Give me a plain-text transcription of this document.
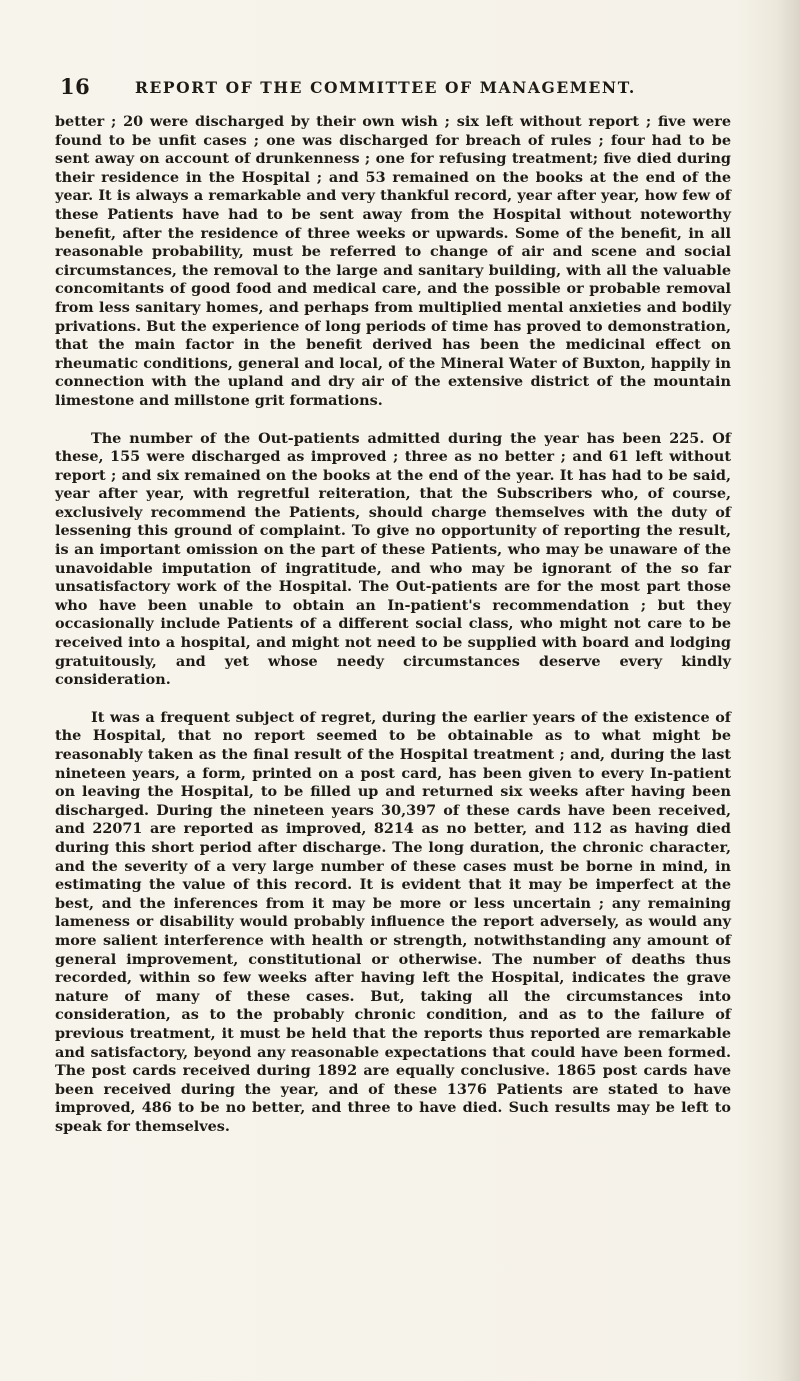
16	REPORT OF THE COMMITTEE OF MANAGEMENT.

better ; 20 were discharged by their own wish ; six left without report ; five were found to be unfit cases ; one was discharged for breach of rules ; four had to be sent away on account of drunkenness ; one for refusing treatment; five died during their residence in the Hospital ; and 53 remained on the books at the end of the year. It is always a remarkable and very thankful record, year after year, how few of these Patients have had to be sent away from the Hospital without noteworthy benefit, after the residence of three weeks or upwards. Some of the benefit, in all reasonable probability, must be referred to change of air and scene and social circumstances, the removal to the large and sanitary building, with all the valuable concomitants of good food and medical care, and the possible or probable removal from less sanitary homes, and perhaps from multiplied mental anxieties and bodily privations. But the experience of long periods of time has proved to demonstration, that the main factor in the benefit derived has been the medicinal effect on rheumatic conditions, general and local, of the Mineral Water of Buxton, happily in connection with the upland and dry air of the extensive district of the mountain limestone and millstone grit formations.

The number of the Out-patients admitted during the year has been 225. Of these, 155 were discharged as improved ; three as no better ; and 61 left without report ; and six remained on the books at the end of the year. It has had to be said, year after year, with regretful reiteration, that the Subscribers who, of course, exclusively recommend the Patients, should charge themselves with the duty of lessening this ground of complaint. To give no opportunity of reporting the result, is an important omission on the part of these Patients, who may be unaware of the unavoidable imputation of ingratitude, and who may be ignorant of the so far unsatisfactory work of the Hospital. The Out-patients are for the most part those who have been unable to obtain an In-patient's recommendation ; but they occasionally include Patients of a different social class, who might not care to be received into a hospital, and might not need to be supplied with board and lodging gratuitously, and yet whose needy circumstances deserve every kindly consideration.

It was a frequent subject of regret, during the earlier years of the existence of the Hospital, that no report seemed to be obtainable as to what might be reasonably taken as the final result of the Hospital treatment ; and, during the last nineteen years, a form, printed on a post card, has been given to every In-patient on leaving the Hospital, to be filled up and returned six weeks after having been discharged. During the nineteen years 30,397 of these cards have been received, and 22071 are reported as improved, 8214 as no better, and 112 as having died during this short period after discharge. The long duration, the chronic character, and the severity of a very large number of these cases must be borne in mind, in estimating the value of this record. It is evident that it may be imperfect at the best, and the inferences from it may be more or less uncertain ; any remaining lameness or disability would probably influence the report adversely, as would any more salient interference with health or strength, notwithstanding any amount of general improvement, constitutional or otherwise. The number of deaths thus recorded, within so few weeks after having left the Hospital, indicates the grave nature of many of these cases. But, taking all the circumstances into consideration, as to the probably chronic condition, and as to the failure of previous treatment, it must be held that the reports thus reported are remarkable and satisfactory, beyond any reasonable expectations that could have been formed. The post cards received during 1892 are equally conclusive. 1865 post cards have been received during the year, and of these 1376 Patients are stated to have improved, 486 to be no better, and three to have died. Such results may be left to speak for themselves.
